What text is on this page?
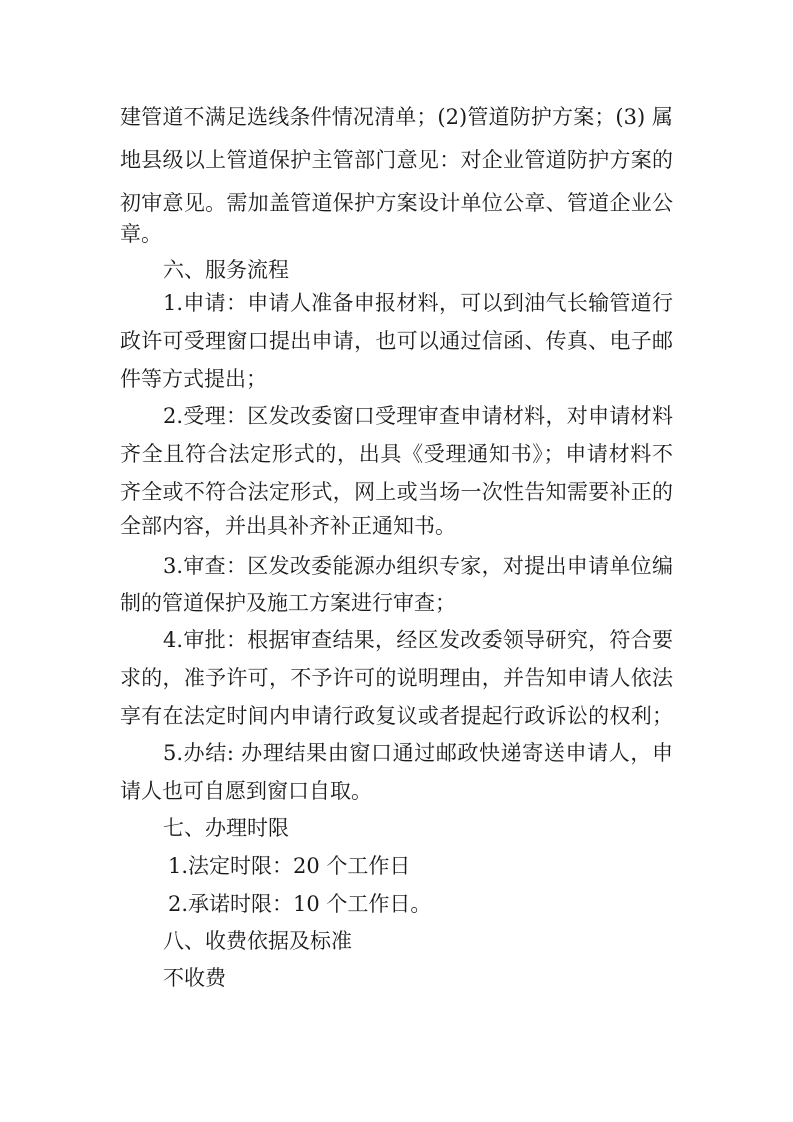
建管道不满足选线条件情况清单；(2)管道防护方案；(3) 属
地县级以上管道保护主管部门意见：对企业管道防护方案的
初审意见。需加盖管道保护方案设计单位公章、管道企业公
章。
六、服务流程
1.申请：申请人准备申报材料，可以到油气长输管道行
政许可受理窗口提出申请，也可以通过信函、传真、电子邮
件等方式提出；
2.受理：区发改委窗口受理审查申请材料，对申请材料
齐全且符合法定形式的，出具《受理通知书》；申请材料不
齐全或不符合法定形式，网上或当场一次性告知需要补正的
全部内容，并出具补齐补正通知书。
3.审查：区发改委能源办组织专家，对提出申请单位编
制的管道保护及施工方案进行审查；
4.审批：根据审查结果，经区发改委领导研究，符合要
求的，准予许可，不予许可的说明理由，并告知申请人依法
享有在法定时间内申请行政复议或者提起行政诉讼的权利；
5.办结: 办理结果由窗口通过邮政快递寄送申请人，申
请人也可自愿到窗口自取。
七、办理时限
1.法定时限：20 个工作日
2.承诺时限：10 个工作日。
八、收费依据及标准
不收费
